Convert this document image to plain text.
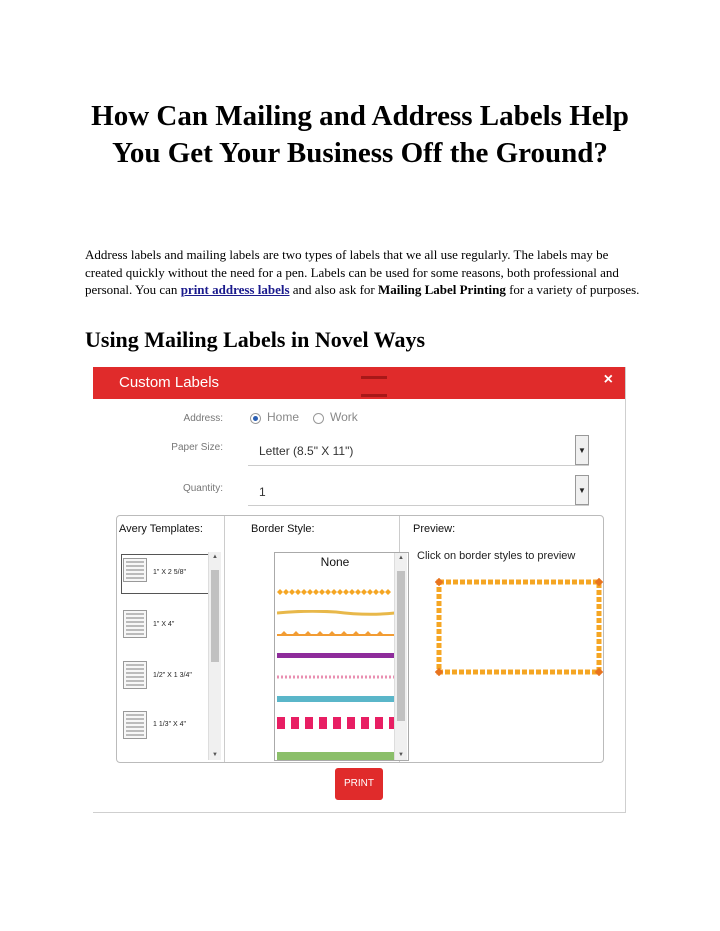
How Can Mailing and Address Labels Help You Get Your Business Off the Ground?

Address labels and mailing labels are two types of labels that we all use regularly. The labels may be created quickly without the need for a pen. Labels can be used for some reasons, both professional and personal. You can print address labels and also ask for Mailing Label Printing for a variety of purposes.

Using Mailing Labels in Novel Ways
Custom Labels	×
Address:	Home	Work
Paper Size:	Letter (8.5" X 11")	▼
Quantity:	1	▼
Avery Templates:
1" X 2 5/8"
1" X 4"
1/2" X 1 3/4"
1 1/3" X 4"
▲
▼
Border Style:
None	▲
▼
Preview:
Click on border styles to preview
PRINT
